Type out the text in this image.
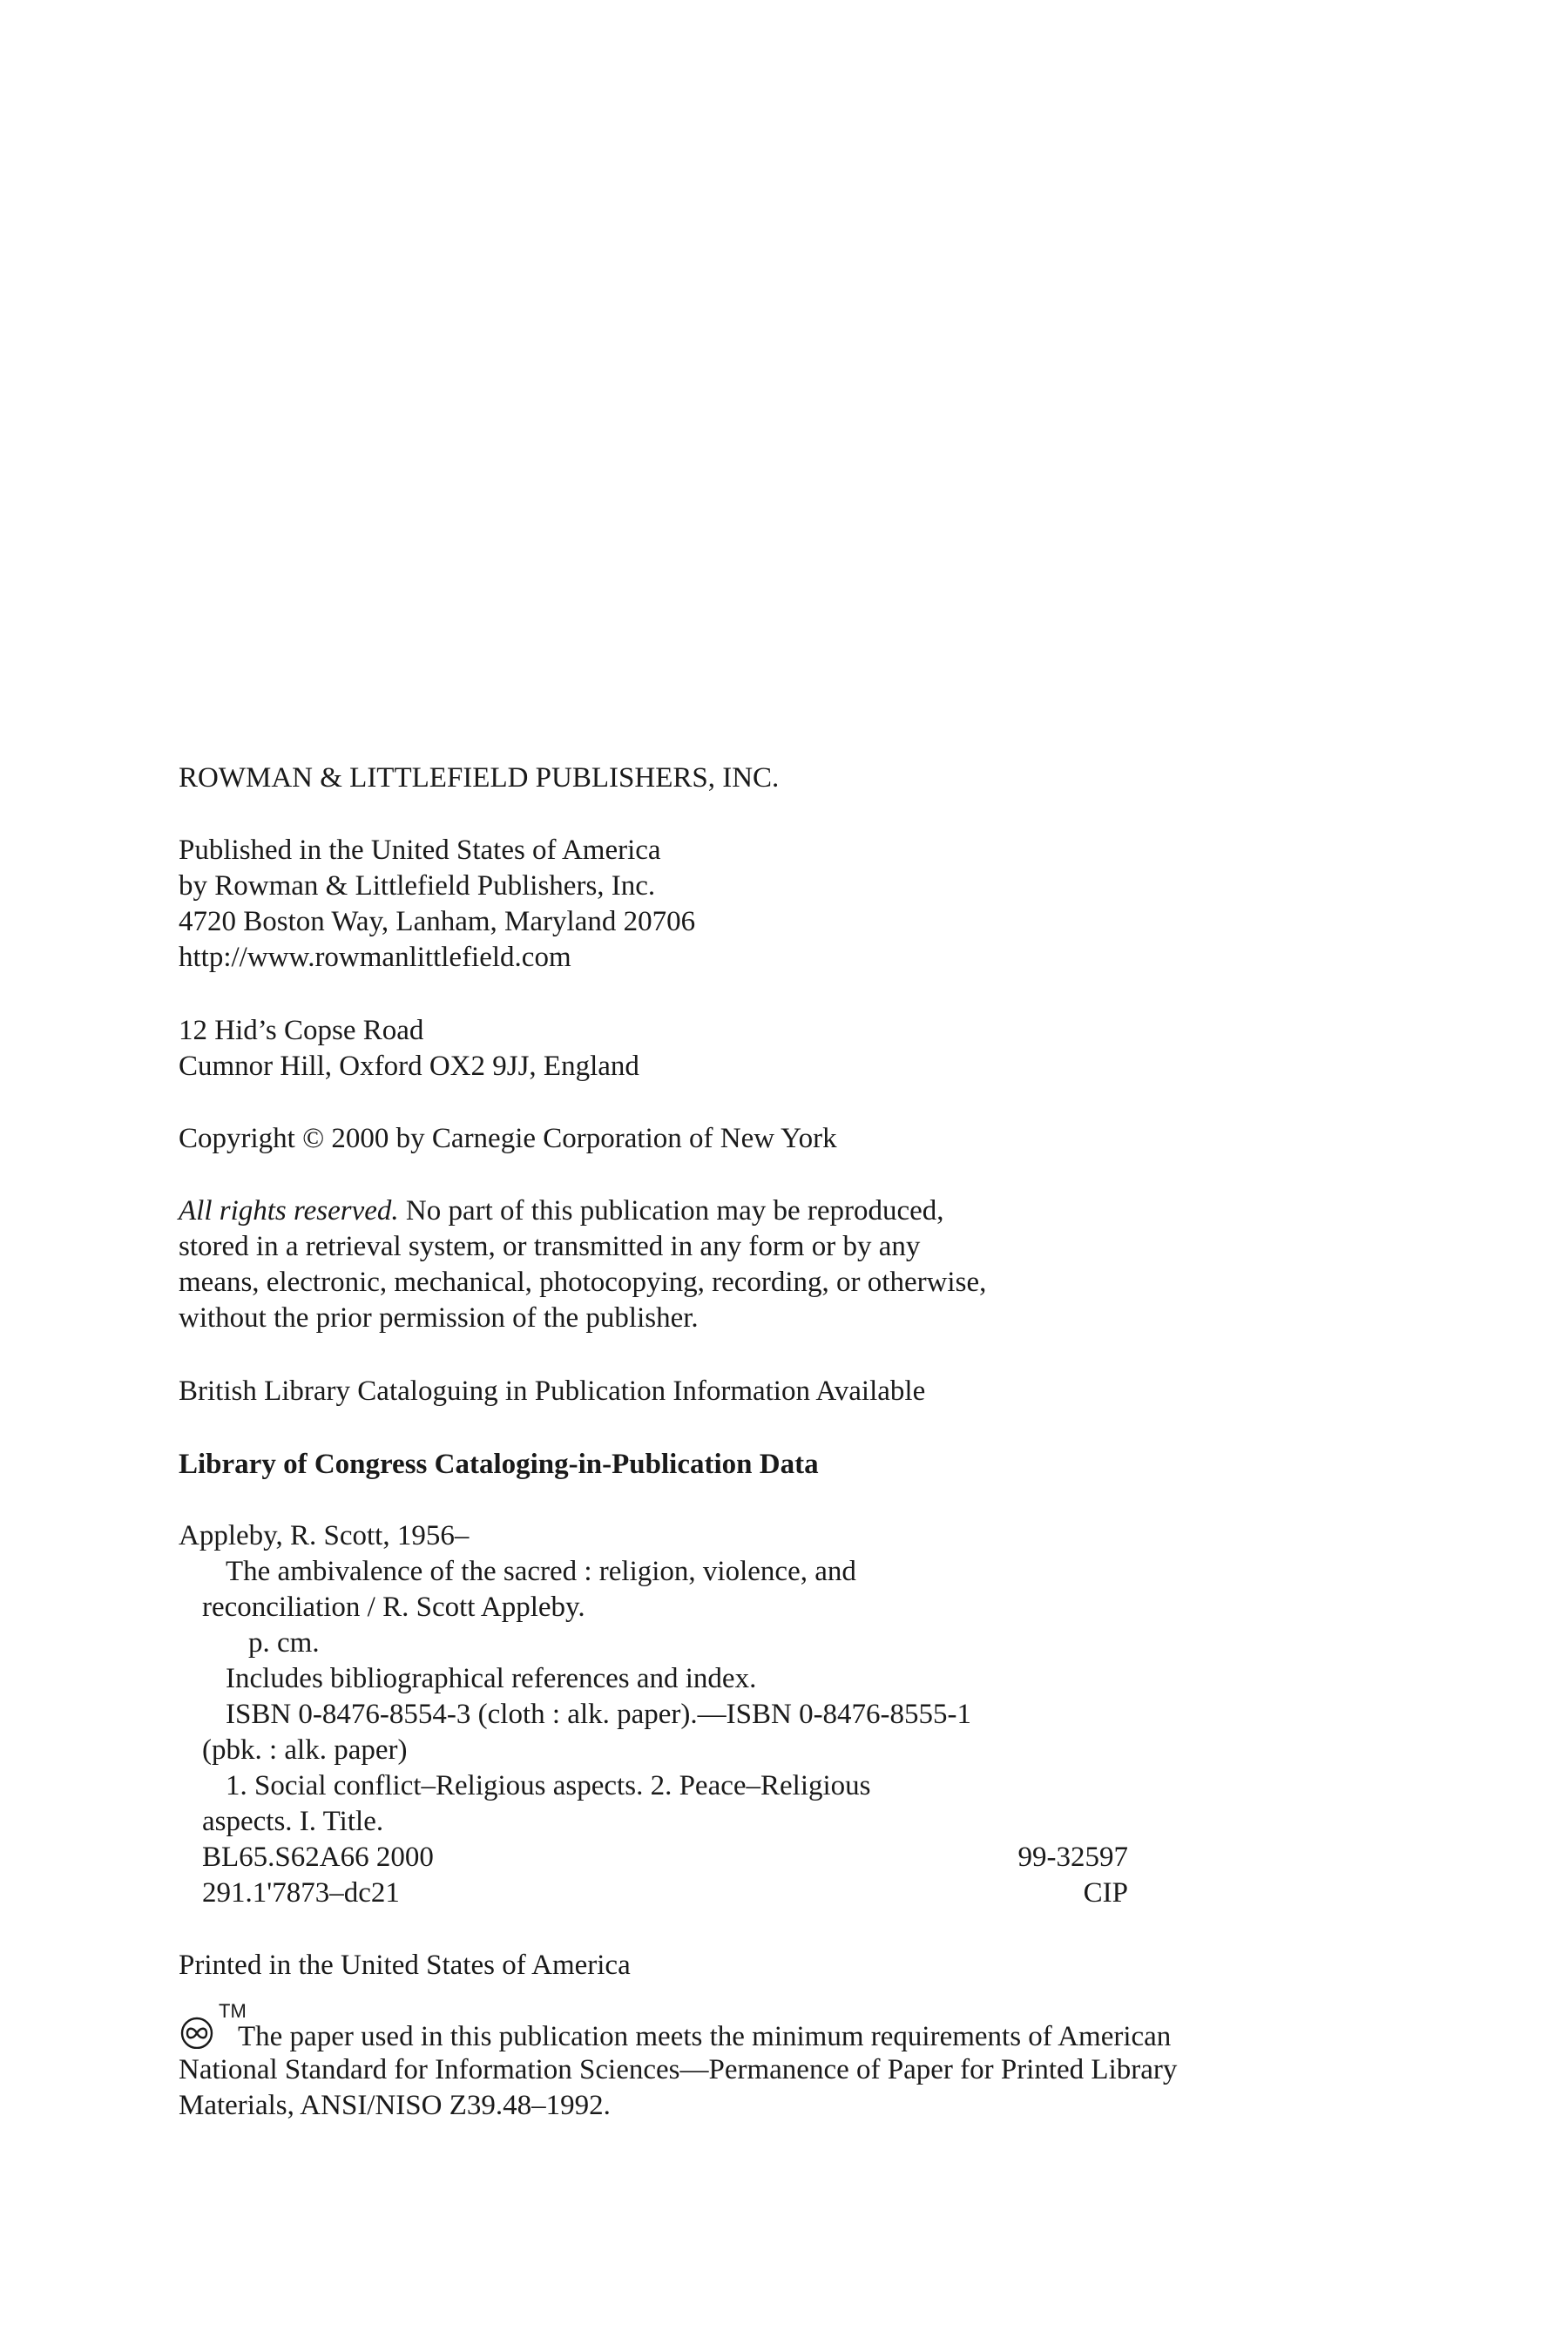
ROWMAN & LITTLEFIELD PUBLISHERS, INC.
Published in the United States of America
by Rowman & Littlefield Publishers, Inc.
4720 Boston Way, Lanham, Maryland 20706
http://www.rowmanlittlefield.com
12 Hid’s Copse Road
Cumnor Hill, Oxford OX2 9JJ, England
Copyright © 2000 by Carnegie Corporation of New York
All rights reserved. No part of this publication may be reproduced,
stored in a retrieval system, or transmitted in any form or by any
means, electronic, mechanical, photocopying, recording, or otherwise,
without the prior permission of the publisher.
British Library Cataloguing in Publication Information Available
Library of Congress Cataloging-in-Publication Data
Appleby, R. Scott, 1956–
The ambivalence of the sacred : religion, violence, and
reconciliation / R. Scott Appleby.
p. cm.
Includes bibliographical references and index.
ISBN 0-8476-8554-3 (cloth : alk. paper).—ISBN 0-8476-8555-1
(pbk. : alk. paper)
1. Social conflict–Religious aspects. 2. Peace–Religious
aspects. I. Title.
BL65.S62A66 2000	99-32597
291.1'7873–dc21	CIP
Printed in the United States of America
TM
The paper used in this publication meets the minimum requirements of American
National Standard for Information Sciences—Permanence of Paper for Printed Library
Materials, ANSI/NISO Z39.48–1992.
